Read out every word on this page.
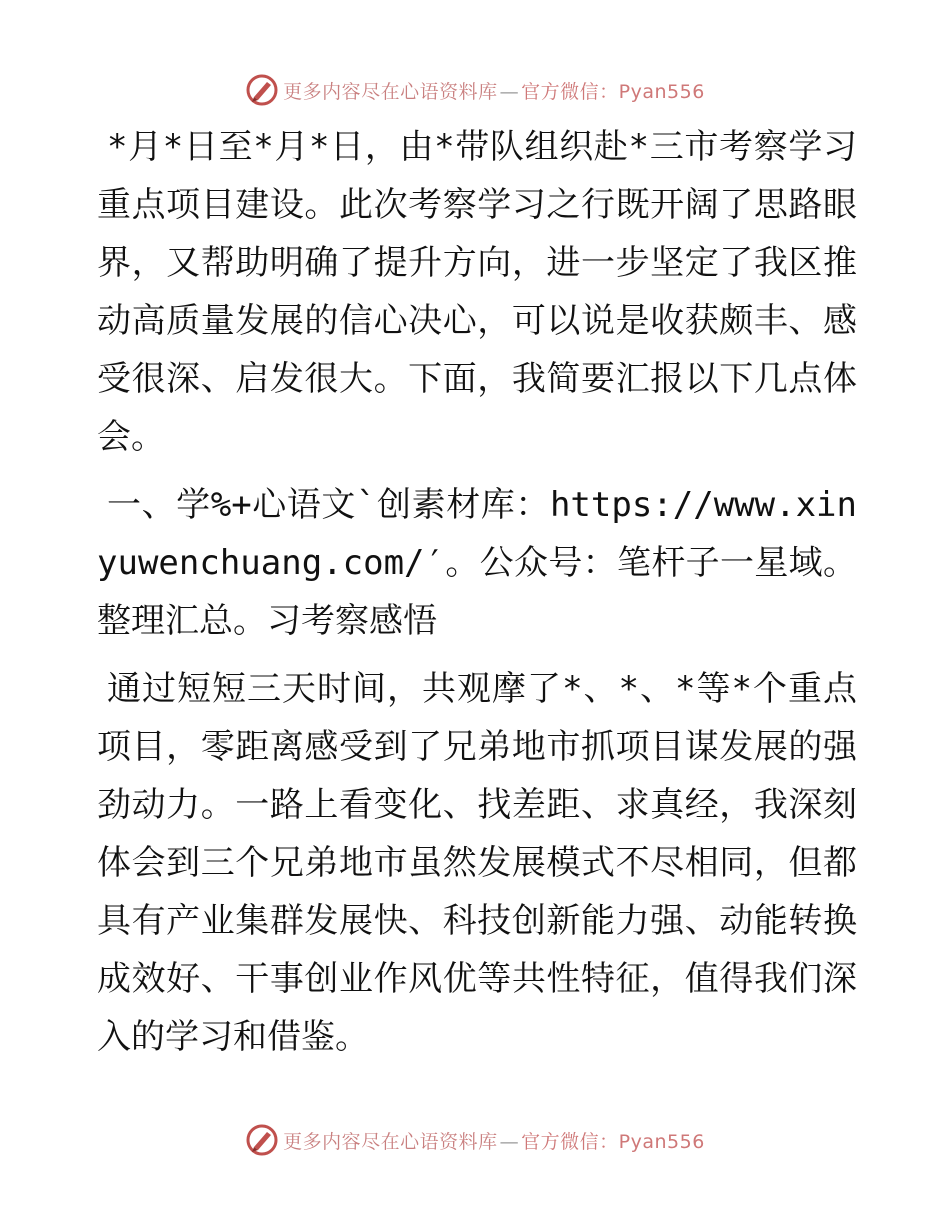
更多内容尽在心语资料库 — 官方微信：Pyan556

*月*日至*月*日，由*带队组织赴*三市考察学习重点项目建设。此次考察学习之行既开阔了思路眼界，又帮助明确了提升方向，进一步坚定了我区推动高质量发展的信心决心，可以说是收获颇丰、感受很深、启发很大。下面，我简要汇报以下几点体会。

一、学%+心语文`创素材库：https://www.xinyuwenchuang.com/′。公众号：笔杆子一星域。整理汇总。习考察感悟

通过短短三天时间，共观摩了*、*、*等*个重点项目，零距离感受到了兄弟地市抓项目谋发展的强劲动力。一路上看变化、找差距、求真经，我深刻体会到三个兄弟地市虽然发展模式不尽相同，但都具有产业集群发展快、科技创新能力强、动能转换成效好、干事创业作风优等共性特征，值得我们深入的学习和借鉴。

更多内容尽在心语资料库 — 官方微信：Pyan556
